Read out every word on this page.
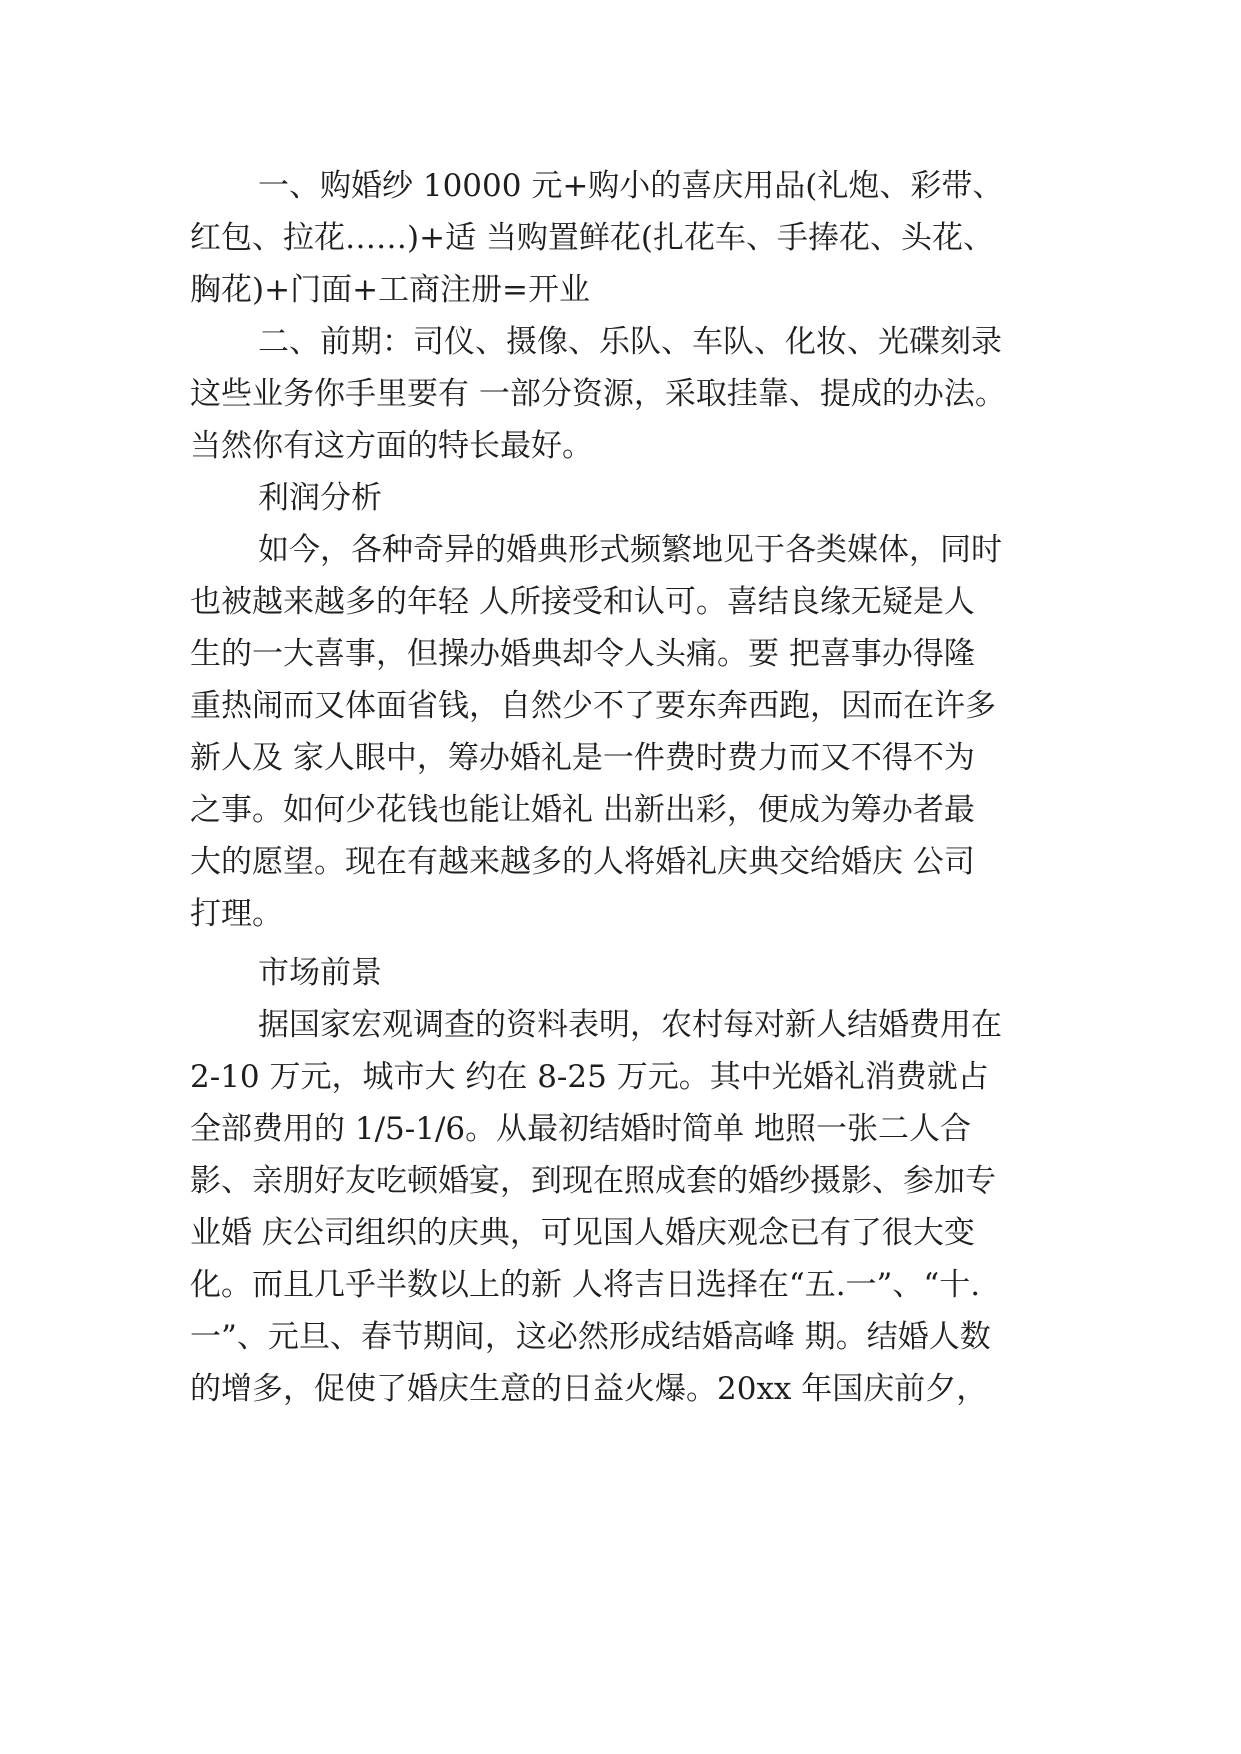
一、购婚纱 10000 元+购小的喜庆用品(礼炮、彩带、
红包、拉花……)+适 当购置鲜花(扎花车、手捧花、头花、
胸花)+门面+工商注册=开业
二、前期：司仪、摄像、乐队、车队、化妆、光碟刻录
这些业务你手里要有 一部分资源，采取挂靠、提成的办法。
当然你有这方面的特长最好。
利润分析
如今，各种奇异的婚典形式频繁地见于各类媒体，同时
也被越来越多的年轻 人所接受和认可。喜结良缘无疑是人
生的一大喜事，但操办婚典却令人头痛。要 把喜事办得隆
重热闹而又体面省钱，自然少不了要东奔西跑，因而在许多
新人及 家人眼中，筹办婚礼是一件费时费力而又不得不为
之事。如何少花钱也能让婚礼 出新出彩，便成为筹办者最
大的愿望。现在有越来越多的人将婚礼庆典交给婚庆 公司
打理。
市场前景
据国家宏观调查的资料表明，农村每对新人结婚费用在
2-10 万元，城市大 约在 8-25 万元。其中光婚礼消费就占
全部费用的 1/5-1/6。从最初结婚时简单 地照一张二人合
影、亲朋好友吃顿婚宴，到现在照成套的婚纱摄影、参加专
业婚 庆公司组织的庆典，可见国人婚庆观念已有了很大变
化。而且几乎半数以上的新 人将吉日选择在“五.一”、“十.
一”、元旦、春节期间，这必然形成结婚高峰 期。结婚人数
的增多，促使了婚庆生意的日益火爆。20xx 年国庆前夕，
